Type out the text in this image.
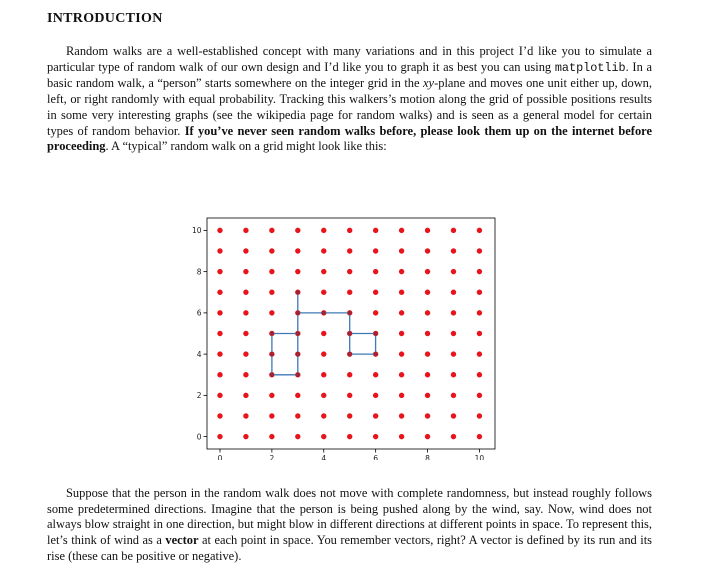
INTRODUCTION

Random walks are a well-established concept with many variations and in this project I’d like you to simulate a particular type of random walk of our own design and I’d like you to graph it as best you can using matplotlib. In a basic random walk, a “person” starts somewhere on the integer grid in the xy-plane and moves one unit either up, down, left, or right randomly with equal probability. Tracking this walkers’s motion along the grid of possible positions results in some very interesting graphs (see the wikipedia page for random walks) and is seen as a general model for certain types of random behavior. If you’ve never seen random walks before, please look them up on the internet before proceeding. A “typical” random walk on a grid might look like this:

0	2	4	6	8	10
0
2
4
6
8
10

Suppose that the person in the random walk does not move with complete randomness, but instead roughly follows some predetermined directions. Imagine that the person is being pushed along by the wind, say. Now, wind does not always blow straight in one direction, but might blow in different directions at different points in space. To represent this, let’s think of wind as a vector at each point in space. You remember vectors, right? A vector is defined by its run and its rise (these can be positive or negative).
